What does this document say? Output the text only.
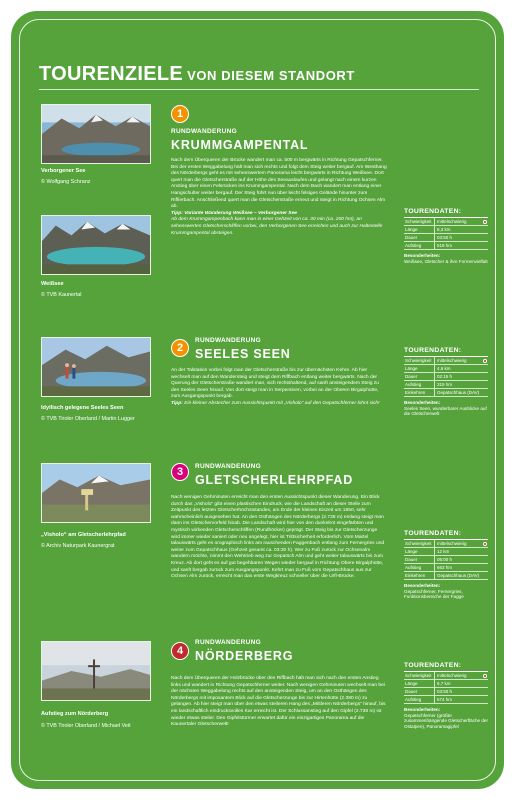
TOURENZIELE VON DIESEM STANDORT
Verborgener See
© Wolfgang Schranz
Weißsee
© TVB Kaunertal
1
RUNDWANDERUNG
KRUMMGAMPENTAL

Nach dem Überqueren der Brücke wandert man ca. 500 m bergwärts in Richtung Gepatschferner. Bei der ersten Weggabelung hält man sich rechts und folgt dem Steig weiter bergauf. Am Westhang des Nörderbergs geht es mit sehenswertem Panorama leicht bergwärts in Richtung Weißsee. Dort quert man die Gletscherstraße auf der Höhe des Seeauslaufes und gelangt nach einem kurzen Anstieg über einen Felsrücken ins Krummgampental. Nach dem Bach wandert man entlang einer Hangschulter weiter bergauf. Der Steig führt nun über leicht felsiges Gelände hinunter zum Riffierbach. Anschließend quert man die Gletscherstraße erneut und steigt in Richtung Ochsen Alm ab.

Tipp: Variante Wanderung Weißsee – Verborgener See

Ab dem Krummgampenbach kann man in einer Gehzeit von ca. 30 min (ca. 200 hm), an sehenswerten Gletscherschliffen vorbei, den Verborgenen See erreichen und auch zur Haltestelle Krummgampental absteigen.

TOURENDATEN:
Schwierigkeit	mittelschwierig
Länge	8,3 km
Dauer	03:50 h
Aufstieg	519 hm
Besonderheiten:
Weißsee, Gletscher & ihre Formenvielfalt
Idyllisch gelegene Seeles Seen
© TVB Tiroler Oberland / Martin Lugger
2
RUNDWANDERUNG
SEELES SEEN

An der Talstation vorbei folgt man der Gletscherstraße bis zur übernächsten Kehre. Ab hier wechselt man auf den Wandersteig und steigt dem Riffbach entlang weiter bergwärts. Nach der Querung der Gletscherstraße wandert man, sich rechtshaltend, auf sanft ansteigendem Steig zu den Seeles Seen hinauf. Von dort steigt man in Serpentinen, vorbei an der Oberen Birgalphütte, zum Ausgangspunkt bergab.

Tipp: Ein kleiner Abstecher zum Aussichtspunkt mit „Visholo“ auf den Gepatschferner lohnt sich!

TOURENDATEN:
Schwierigkeit	mittelschwierig
Länge	4,6 km
Dauer	02:15 h
Aufstieg	319 hm
Einkehren	Gepatschhaus (DAV)
Besonderheiten:
Seeles Seen, wunderbarer Ausblicke auf die Gletscherwelt
„Visholo“ am Gletscherlehrpfad
© Archiv Naturpark Kaunergrat
3	RUNDWANDERUNG
GLETSCHERLEHRPFAD

Nach wenigen Gehminuten erreicht man den ersten Aussichtspunkt dieser Wanderung. Ein Blick durch das „Visholo“ gibt einen plastischen Eindruck, wie die Landschaft an dieser Stelle zum Zeitpunkt des letzten Gletscherhöchststandes, am Ende der kleinen Eiszeit um 1850, sehr wahrscheinlich ausgesehen hat. An den Osthängen des Nörderbergs (2.738 m) entlang steigt man dann ins Gletschervorfeld hinab. Die Landschaft wird hier von den dunkelrot eingefärbten und mystisch wirkenden Gletscherschliffen (Rundhöcker) geprägt. Der Steig bis zur Gletscherzunge wird immer wieder saniert oder neu angelegt, hier ist Trittsicherheit erforderlich. Vom Martel talauswärts geht es orographisch links am rauschenden Faggenbach entlang zum Fernergries und weiter zum Gepatschhaus (Gehzeit gesamt ca. 03:30 h). Wer zu Fuß zurück zur Ochsenalm wandern möchte, nimmt den Wehtrieb weg zur Gepatsch Alm und geht weiter talauswärts bis zum Kreuz. Ab dort geht es auf gut begehbaren Wegen wieder bergauf in Richtung Obere Birgalphütte, und sanft bergab zurück zum Ausgangspunkt. Kehrt man zu Fuß vom Gepatschhaus aus zur Ochsen Alm zurück, erreicht man das erste Wegkreuz schneller über die Urfl-Brücke.

TOURENDATEN:
Schwierigkeit	mittelschwierig
Länge	12 km
Dauer	05:00 h
Aufstieg	663 hm
Einkehren	Gepatschhaus (DAV)
Besonderheiten:
Gepatschferner, Fernergries, Funktionsbereiche der Fagge
Aufstieg zum Nörderberg
© TVB Tiroler Oberland / Michael Veit
4
RUNDWANDERUNG
NÖRDERBERG

Nach dem Überqueren der Holzbrücke über den Riffbach hält man sich nach den ersten Anstieg links und wandert in Richtung Gepatschferner weiter. Nach wenigen Gehminuten wechselt man bei der nächsten Weggabelung rechts auf den ansteigenden Steig, um an den Osthängen des Nörderbergs mit imposantem Blick auf die Gletscherzunge bis zur Hirtenhütte (2.380 m) zu gelangen. Ab hier steigt man über den etwas steileren Hang des „Mittleren Nörderbergs“ hinauf, bis ein landschaftlich eindrucksvolles Kar erreicht ist. Der Schlussanstieg auf den Gipfel (2.738 m) ist wieder etwas steiler. Den Gipfelstürmer erwartet dafür ein einzigartiges Panorama auf die Kaunertaler Gletscherwelt!

TOURENDATEN:
Schwierigkeit	mittelschwierig
Länge	6,7 km
Dauer	03:50 h
Aufstieg	574 hm
Besonderheiten:
Gepatschferner (größte zusammenhängende Gletscherfläche der Ostalpen), Panoramagipfel
